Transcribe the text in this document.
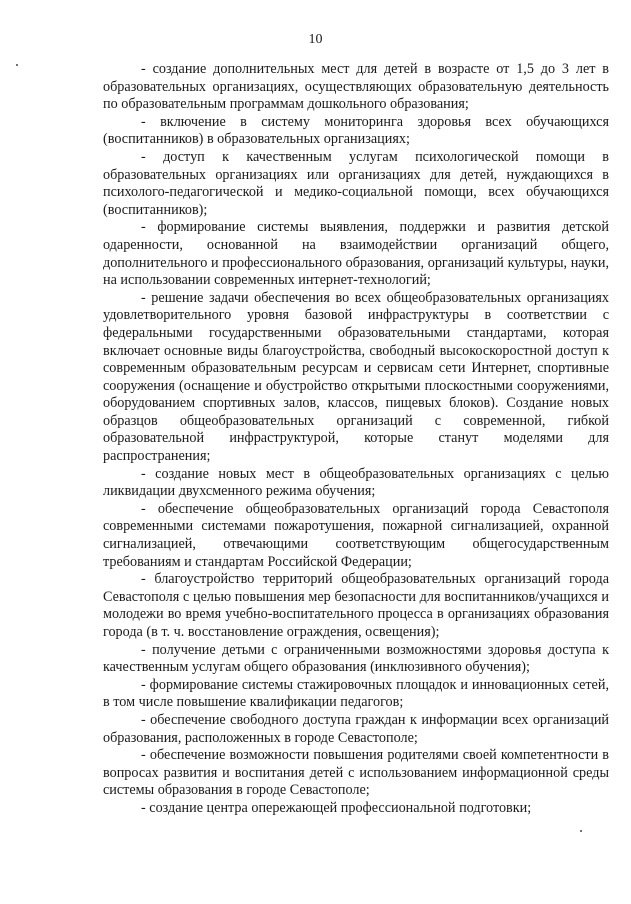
10

- создание дополнительных мест для детей в возрасте от 1,5 до 3 лет в образовательных организациях, осуществляющих образовательную деятельность по образовательным программам дошкольного образования;

- включение в систему мониторинга здоровья всех обучающихся (воспитанников) в образовательных организациях;

- доступ к качественным услугам психологической помощи в образовательных организациях или организациях для детей, нуждающихся в психолого-педагогической и медико-социальной помощи, всех обучающихся (воспитанников);

- формирование системы выявления, поддержки и развития детской одаренности, основанной на взаимодействии организаций общего, дополнительного и профессионального образования, организаций культуры, науки, на использовании современных интернет-технологий;

- решение задачи обеспечения во всех общеобразовательных организациях удовлетворительного уровня базовой инфраструктуры в соответствии с федеральными государственными образовательными стандартами, которая включает основные виды благоустройства, свободный высокоскоростной доступ к современным образовательным ресурсам и сервисам сети Интернет, спортивные сооружения (оснащение и обустройство открытыми плоскостными сооружениями, оборудованием спортивных залов, классов, пищевых блоков). Создание новых образцов общеобразовательных организаций с современной, гибкой образовательной инфраструктурой, которые станут моделями для распространения;

- создание новых мест в общеобразовательных организациях с целью ликвидации двухсменного режима обучения;

- обеспечение общеобразовательных организаций города Севастополя современными системами пожаротушения, пожарной сигнализацией, охранной сигнализацией, отвечающими соответствующим общегосударственным требованиям и стандартам Российской Федерации;

- благоустройство территорий общеобразовательных организаций города Севастополя с целью повышения мер безопасности для воспитанников/учащихся и молодежи во время учебно-воспитательного процесса в организациях образования города (в т. ч. восстановление ограждения, освещения);

- получение детьми с ограниченными возможностями здоровья доступа к качественным услугам общего образования (инклюзивного обучения);

- формирование системы стажировочных площадок и инновационных сетей, в том числе повышение квалификации педагогов;

- обеспечение свободного доступа граждан к информации всех организаций образования, расположенных в городе Севастополе;

- обеспечение возможности повышения родителями своей компетентности в вопросах развития и воспитания детей с использованием информационной среды системы образования в городе Севастополе;

- создание центра опережающей профессиональной подготовки;
